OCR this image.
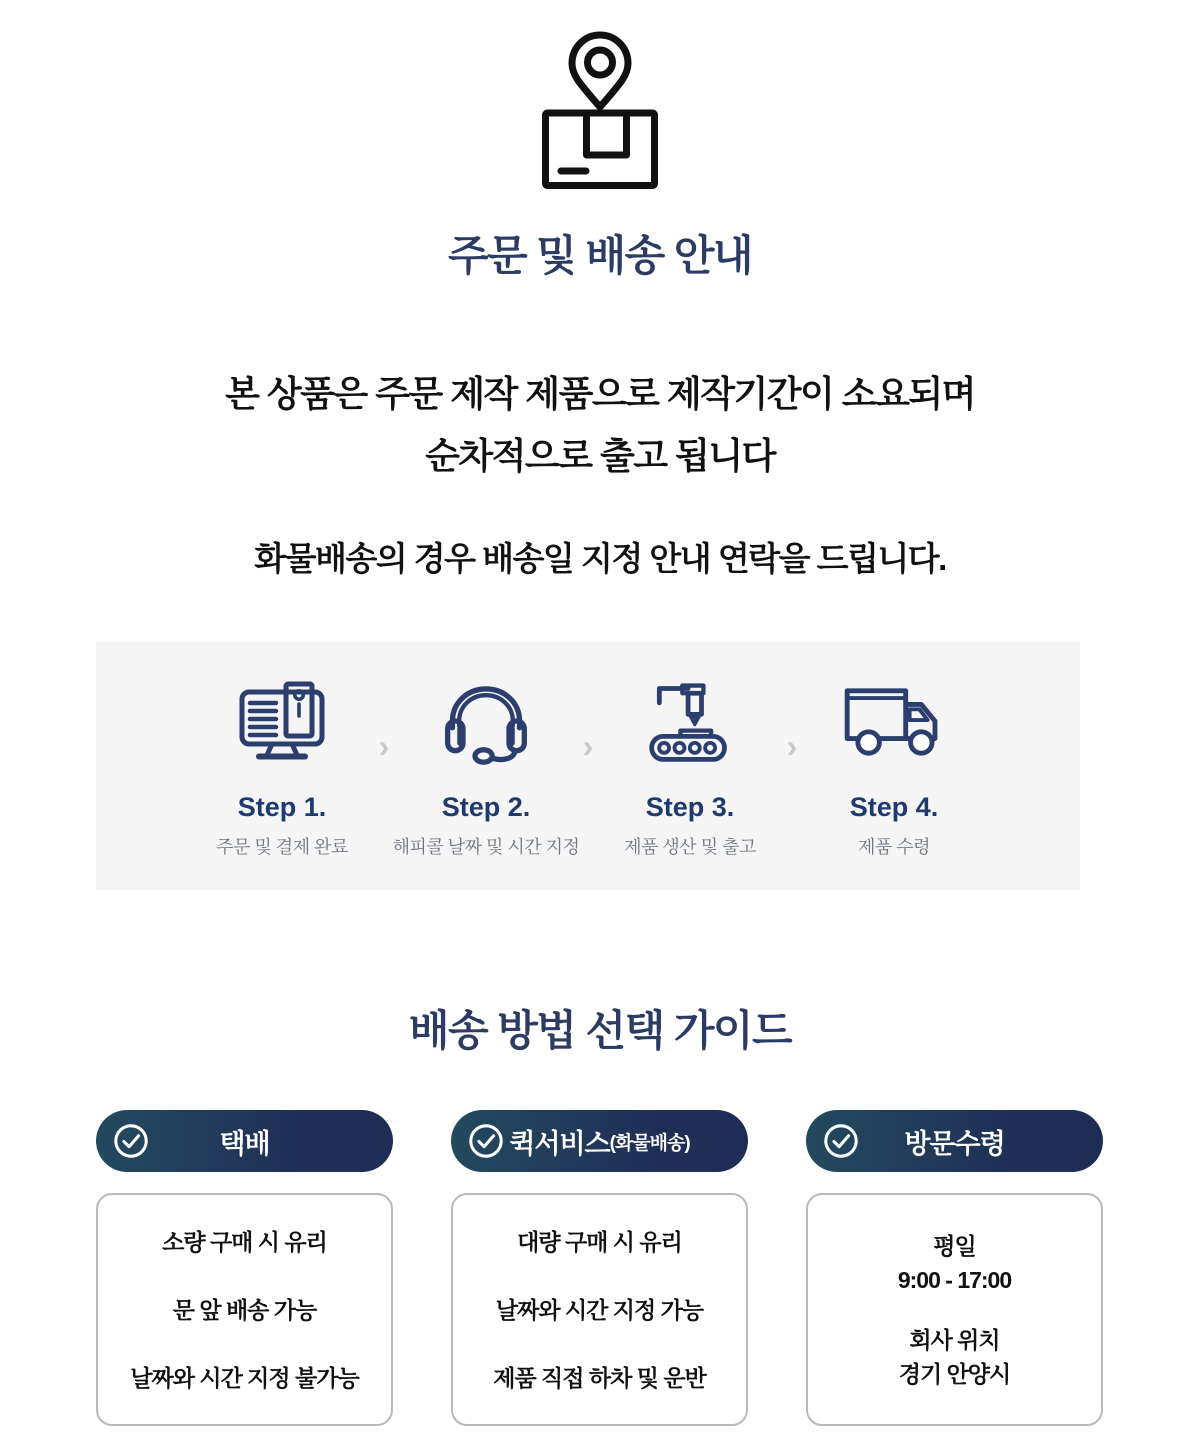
주문 및 배송 안내
본 상품은 주문 제작 제품으로 제작기간이 소요되며
순차적으로 출고 됩니다
화물배송의 경우 배송일 지정 안내 연락을 드립니다.
Step 1.
주문 및 결제 완료
›
Step 2.
해피콜 날짜 및 시간 지정
›
Step 3.
제품 생산 및 출고
›
Step 4.
제품 수령
배송 방법 선택 가이드
택배
소량 구매 시 유리
문 앞 배송 가능
날짜와 시간 지정 불가능
퀵서비스 (화물배송)
대량 구매 시 유리
날짜와 시간 지정 가능
제품 직접 하차 및 운반
방문수령
평일
9:00 - 17:00
회사 위치
경기 안양시
